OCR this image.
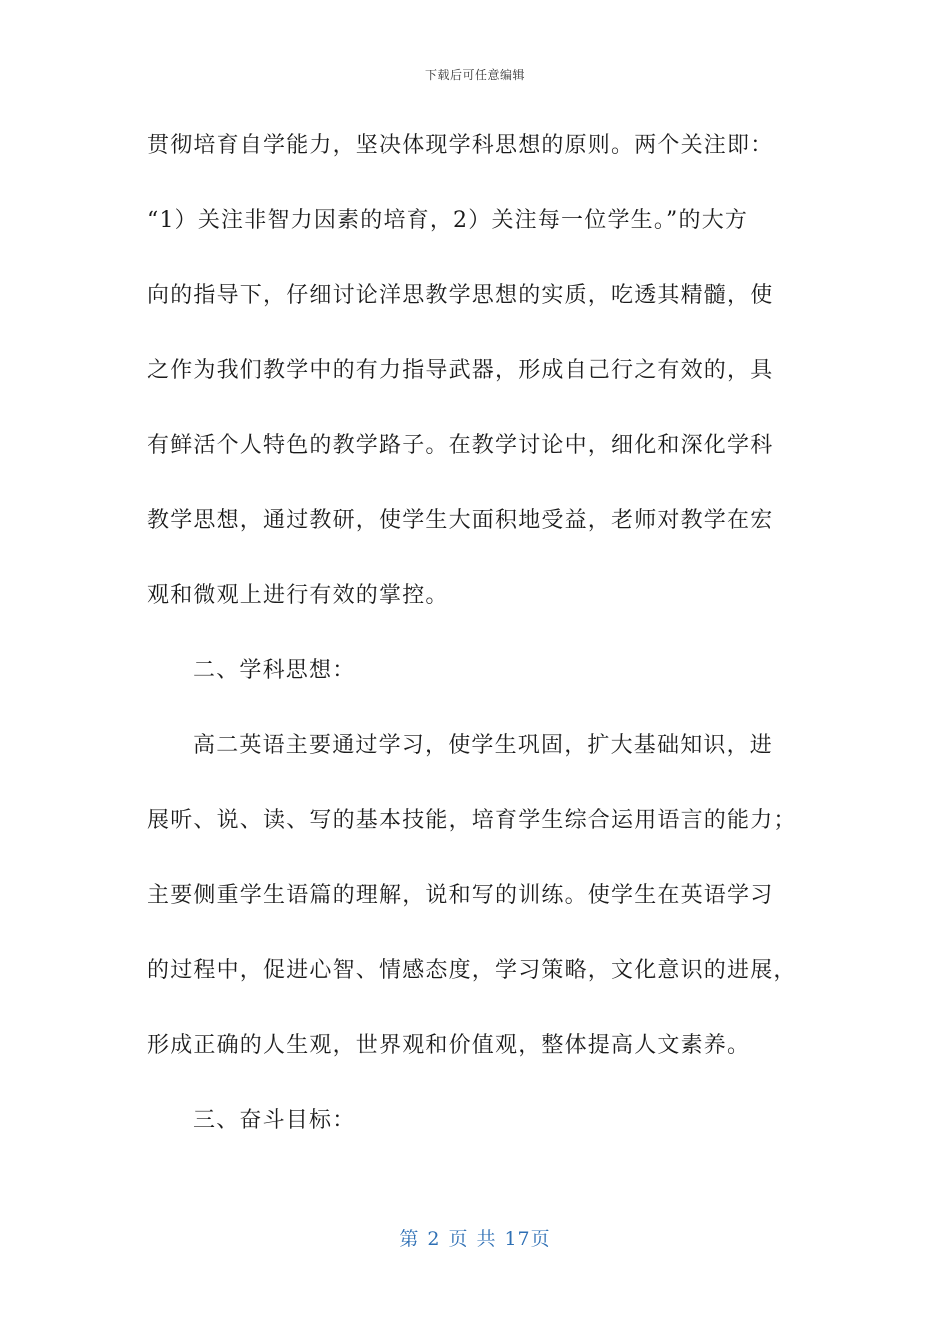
下载后可任意编辑
贯彻培育自学能力，坚决体现学科思想的原则。两个关注即：
“1）关注非智力因素的培育，2）关注每一位学生。”的大方
向的指导下，仔细讨论洋思教学思想的实质，吃透其精髓，使
之作为我们教学中的有力指导武器，形成自己行之有效的，具
有鲜活个人特色的教学路子。在教学讨论中，细化和深化学科
教学思想，通过教研，使学生大面积地受益，老师对教学在宏
观和微观上进行有效的掌控。
二、学科思想：
高二英语主要通过学习，使学生巩固，扩大基础知识，进
展听、说、读、写的基本技能，培育学生综合运用语言的能力；
主要侧重学生语篇的理解，说和写的训练。使学生在英语学习
的过程中，促进心智、情感态度，学习策略，文化意识的进展，
形成正确的人生观，世界观和价值观，整体提高人文素养。
三、奋斗目标：
第 2 页 共 17页
